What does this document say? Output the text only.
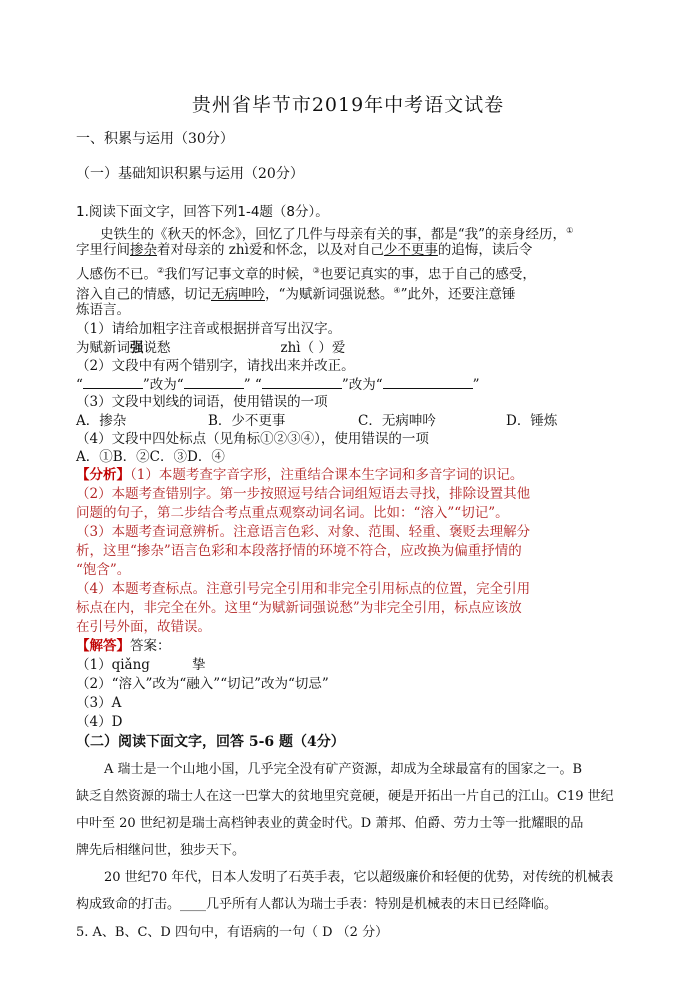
贵州省毕节市2019年中考语文试卷
一、积累与运用（30分）
（一）基础知识积累与运用（20分）
1.阅读下面文字，回答下列1-4题（8分）。
史铁生的《秋天的怀念》，回忆了几件与母亲有关的事，都是“我”的亲身经历，①
字里行间掺杂着对母亲的 zhì爱和怀念，以及对自己少不更事的追悔，读后令
人感伤不已。②我们写记事文章的时候，③也要记真实的事，忠于自己的感受，
溶入自己的情感，切记无病呻吟，“为赋新词强说愁。④”此外，还要注意锤
炼语言。
（1）请给加粗字注音或根据拼音写出汉字。
为赋新词强说愁	zhì（ ）爱
（2）文段中有两个错别字，请找出来并改正。
“	”改为“	” “	”改为“	”
（3）文段中划线的词语，使用错误的一项
A．掺杂	B．少不更事	C．无病呻吟	D．锤炼
（4）文段中四处标点（见角标①②③④），使用错误的一项
A．①B．②C．③D．④
【分析】（1）本题考查字音字形，注重结合课本生字词和多音字词的识记。
（2）本题考查错别字。第一步按照逗号结合词组短语去寻找，排除设置其他
问题的句子，第二步结合考点重点观察动词名词。比如：“溶入”“切记”。
（3）本题考查词意辨析。注意语言色彩、对象、范围、轻重、褒贬去理解分
析，这里“掺杂”语言色彩和本段落抒情的环境不符合，应改换为偏重抒情的
“饱含”。
（4）本题考查标点。注意引号完全引用和非完全引用标点的位置，完全引用
标点在内，非完全在外。这里“为赋新词强说愁”为非完全引用，标点应该放
在引号外面，故错误。
【解答】答案：
（1）qiǎng	挚
（2）“溶入”改为“融入”“切记”改为“切忌”
（3）A
（4）D
（二）阅读下面文字，回答 5-6 题（4分）
A 瑞士是一个山地小国，几乎完全没有矿产资源，却成为全球最富有的国家之一。B
缺乏自然资源的瑞士人在这一巴掌大的贫地里究竟硬，硬是开拓出一片自己的江山。C19 世纪
中叶至 20 世纪初是瑞士高档钟表业的黄金时代。D 萧邦、伯爵、劳力士等一批耀眼的品
牌先后相继问世，独步天下。
20 世纪70 年代，日本人发明了石英手表，它以超级廉价和轻便的优势，对传统的机械表
构成致命的打击。____几乎所有人都认为瑞士手表：特别是机械表的末日已经降临。
5. A、B、C、D 四句中，有语病的一句（ D （2 分）
